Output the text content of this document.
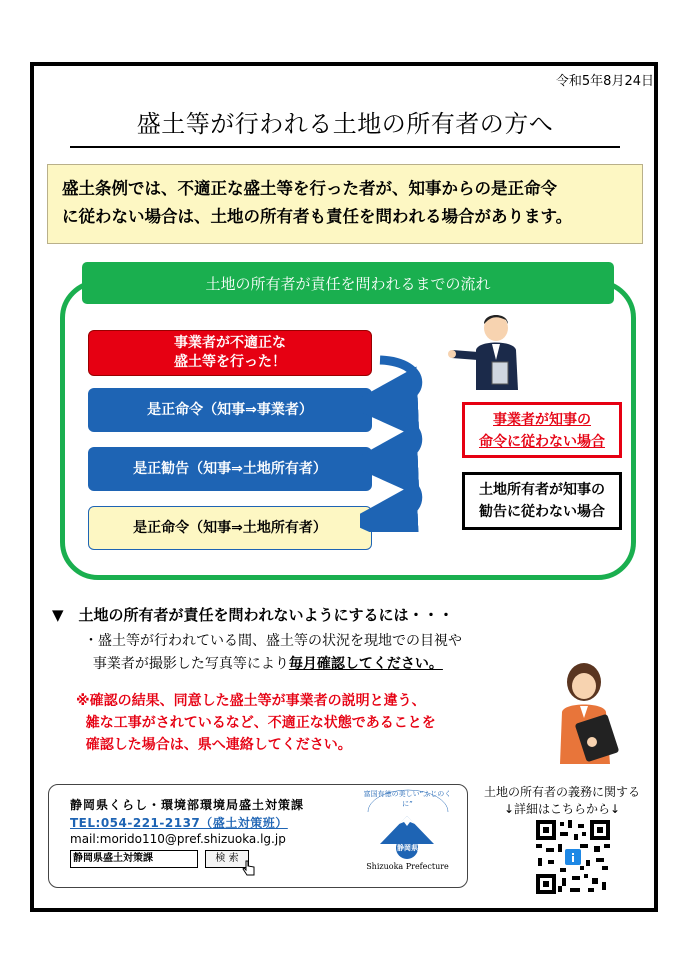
令和5年8月24日
盛土等が行われる土地の所有者の方へ
盛土条例では、不適正な盛土等を行った者が、知事からの是正命令
に従わない場合は、土地の所有者も責任を問われる場合があります。
土地の所有者が責任を問われるまでの流れ
事業者が不適正な
盛土等を行った！
是正命令（知事⇒事業者）
是正勧告（知事⇒土地所有者）
是正命令（知事⇒土地所有者）
事業者が知事の
命令に従わない場合
土地所有者が知事の
勧告に従わない場合
▼　土地の所有者が責任を問われないようにするには・・・
・盛土等が行われている間、盛土等の状況を現地での目視や
事業者が撮影した写真等により毎月確認してください。
※確認の結果、同意した盛土等が事業者の説明と違う、
雑な工事がされているなど、不適正な状態であることを
確認した場合は、県へ連絡してください。
静岡県くらし・環境部環境局盛土対策課
TEL:054-221-2137（盛土対策班）
mail:morido110@pref.shizuoka.lg.jp
静岡県盛土対策課	検 索
富国有徳の美しい“ふじのくに”
静岡県
Shizuoka Prefecture
土地の所有者の義務に関する
↓詳細はこちらから↓
